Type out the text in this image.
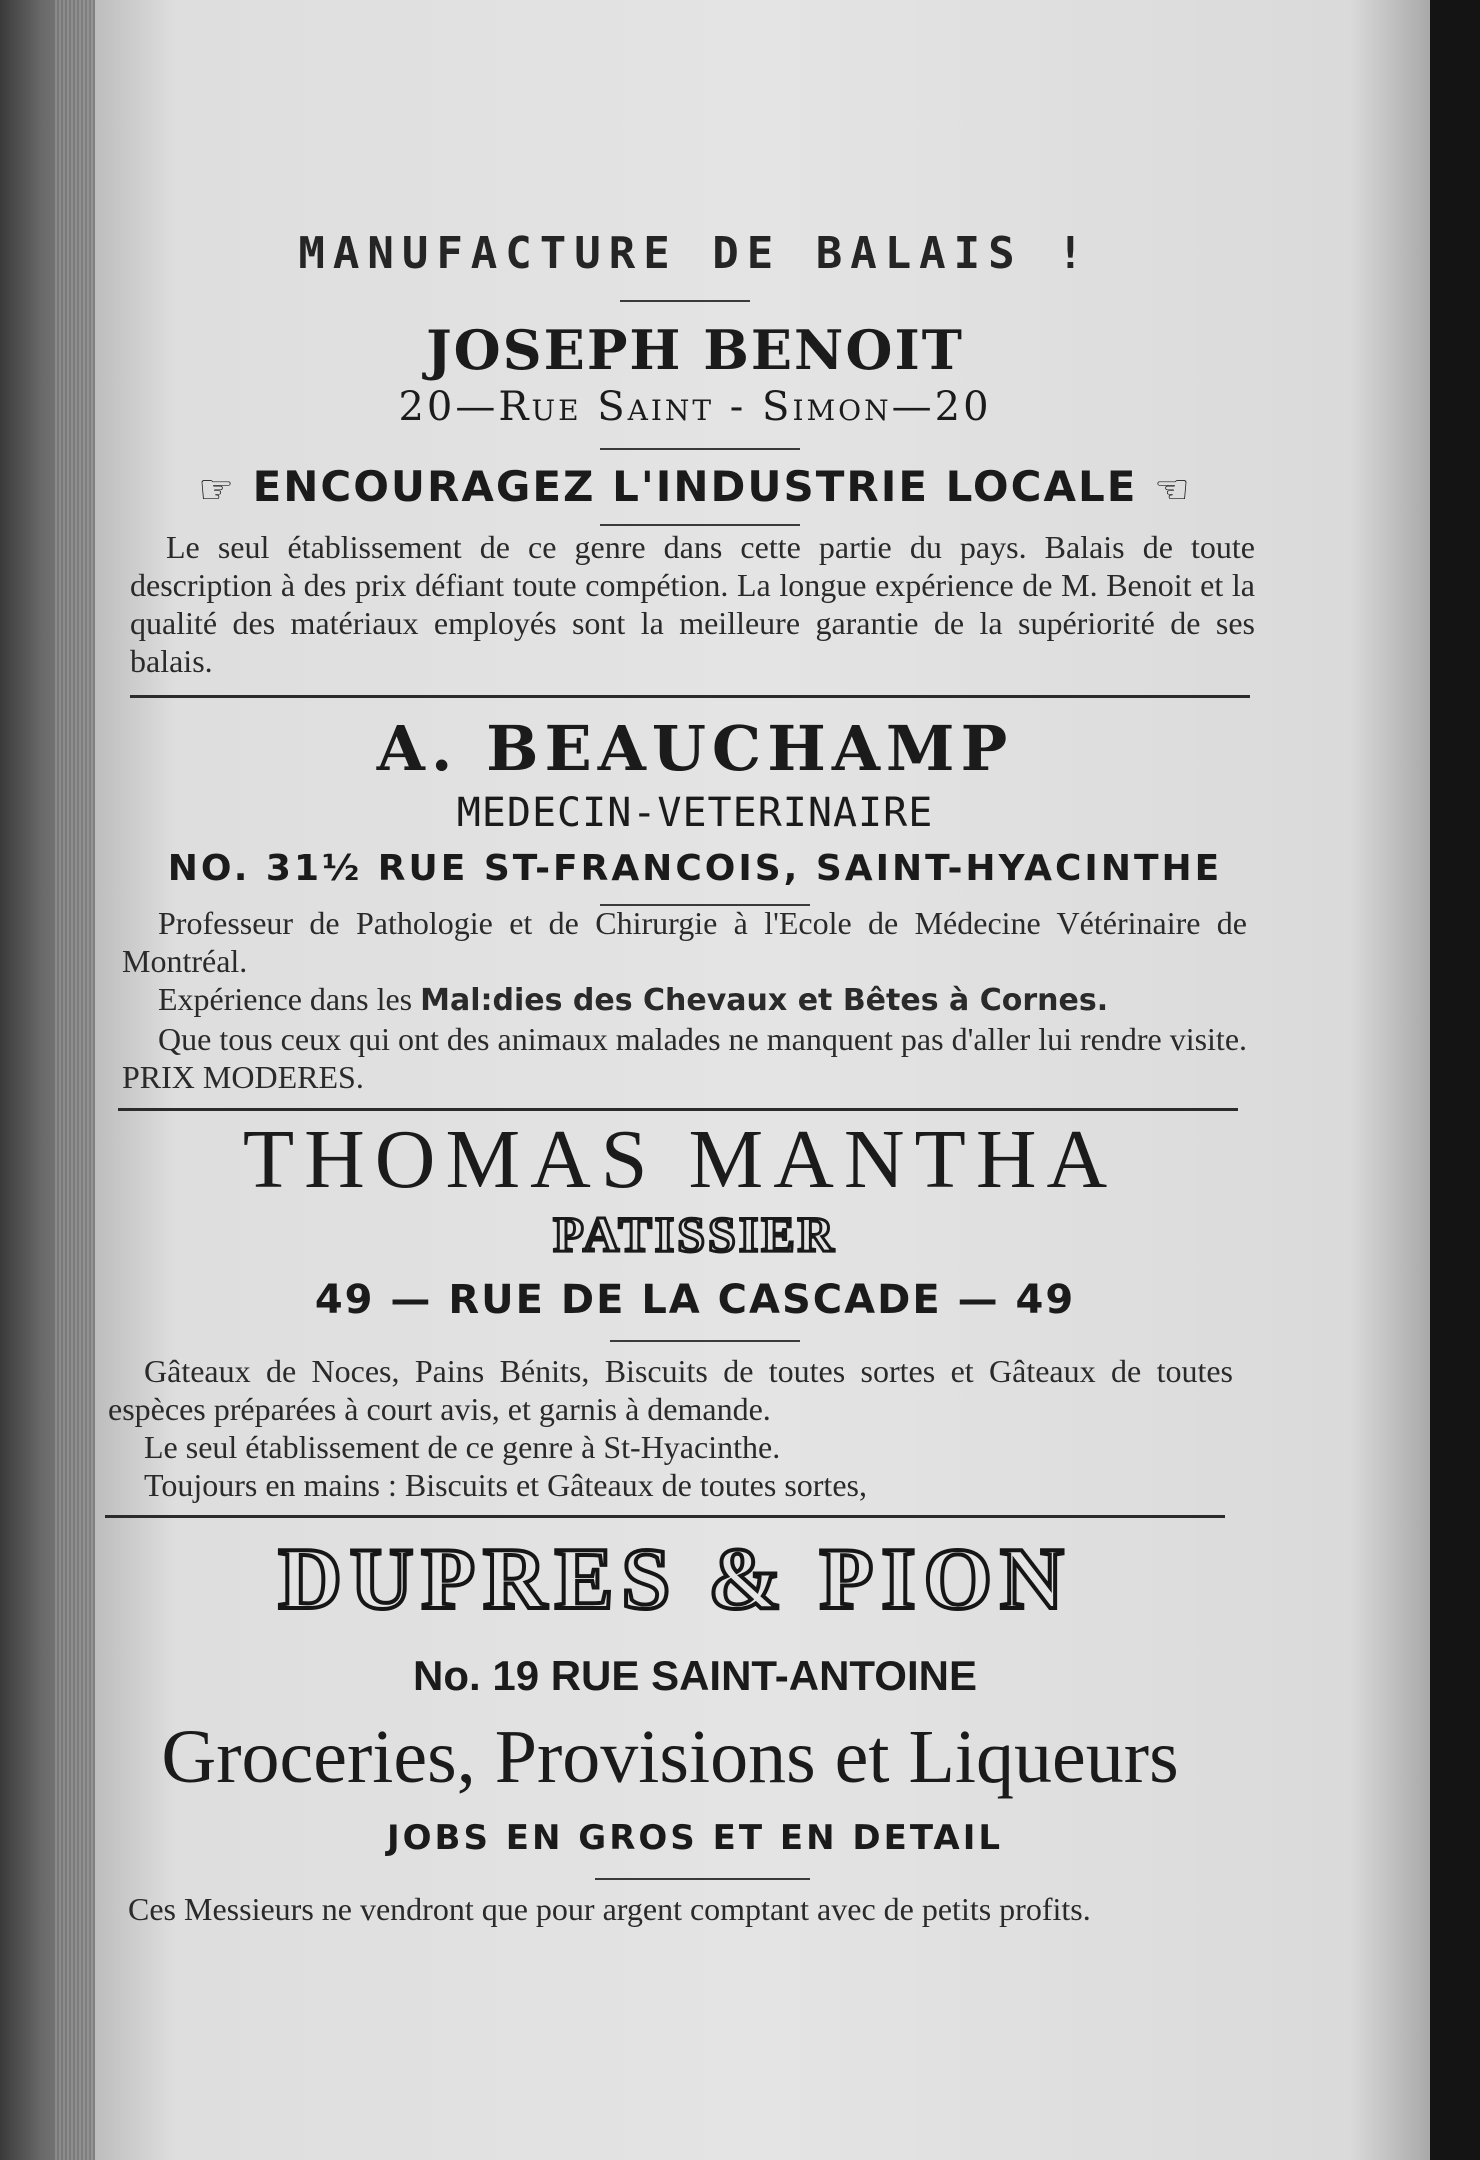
MANUFACTURE DE BALAIS !
JOSEPH BENOIT
20—Rue Saint - Simon—20
☞ ENCOURAGEZ L'INDUSTRIE LOCALE ☜

Le seul établissement de ce genre dans cette partie du pays. Balais de toute description à des prix défiant toute compétion. La longue expérience de M. Benoit et la qualité des matériaux employés sont la meilleure garantie de la supériorité de ses balais.

A. BEAUCHAMP
MEDECIN-VETERINAIRE
NO. 31½ RUE ST-FRANCOIS, SAINT-HYACINTHE

Professeur de Pathologie et de Chirurgie à l'Ecole de Médecine Vétérinaire de Montréal.

Expérience dans les Mal:dies des Chevaux et Bêtes à Cornes.

Que tous ceux qui ont des animaux malades ne manquent pas d'aller lui rendre visite. PRIX MODERES.

THOMAS MANTHA
PATISSIER
49 — RUE DE LA CASCADE — 49

Gâteaux de Noces, Pains Bénits, Biscuits de toutes sortes et Gâteaux de toutes espèces préparées à court avis, et garnis à demande.

Le seul établissement de ce genre à St-Hyacinthe.

Toujours en mains : Biscuits et Gâteaux de toutes sortes,

DUPRES & PION
No. 19 RUE SAINT-ANTOINE
Groceries, Provisions et Liqueurs
JOBS EN GROS ET EN DETAIL

Ces Messieurs ne vendront que pour argent comptant avec de petits profits.
